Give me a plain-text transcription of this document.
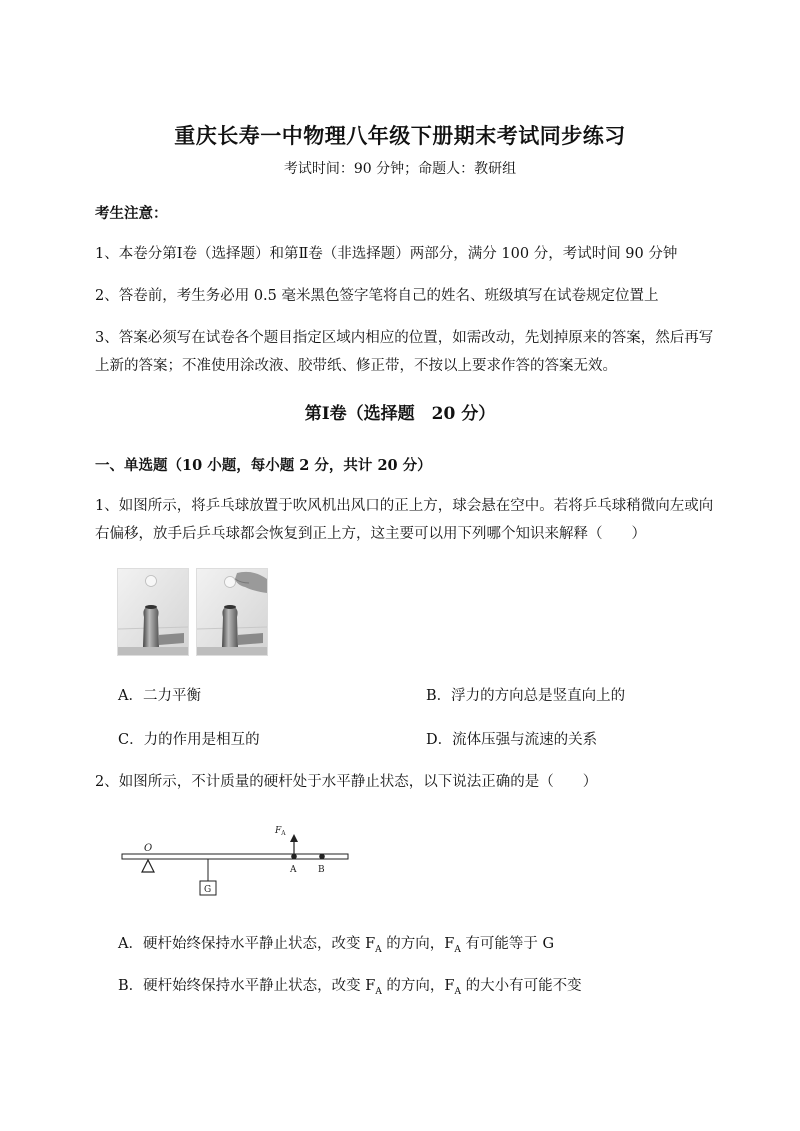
重庆长寿一中物理八年级下册期末考试同步练习
考试时间：90 分钟；命题人：教研组
考生注意：
1、本卷分第Ⅰ卷（选择题）和第Ⅱ卷（非选择题）两部分，满分 100 分，考试时间 90 分钟
2、答卷前，考生务必用 0.5 毫米黑色签字笔将自己的姓名、班级填写在试卷规定位置上
3、答案必须写在试卷各个题目指定区域内相应的位置，如需改动，先划掉原来的答案，然后再写上新的答案；不准使用涂改液、胶带纸、修正带，不按以上要求作答的答案无效。
第Ⅰ卷（选择题　20 分）
一、单选题（10 小题，每小题 2 分，共计 20 分）
1、如图所示，将乒乓球放置于吹风机出风口的正上方，球会悬在空中。若将乒乓球稍微向左或向右偏移，放手后乒乓球都会恢复到正上方，这主要可以用下列哪个知识来解释（　　）
A．二力平衡	B．浮力的方向总是竖直向上的
C．力的作用是相互的	D．流体压强与流速的关系
2、如图所示，不计质量的硬杆处于水平静止状态，以下说法正确的是（　　）
O
G
$F_A$
A B
A．硬杆始终保持水平静止状态，改变 $F_A$ 的方向，$F_A$ 有可能等于 G
B．硬杆始终保持水平静止状态，改变 $F_A$ 的方向，$F_A$ 的大小有可能不变
